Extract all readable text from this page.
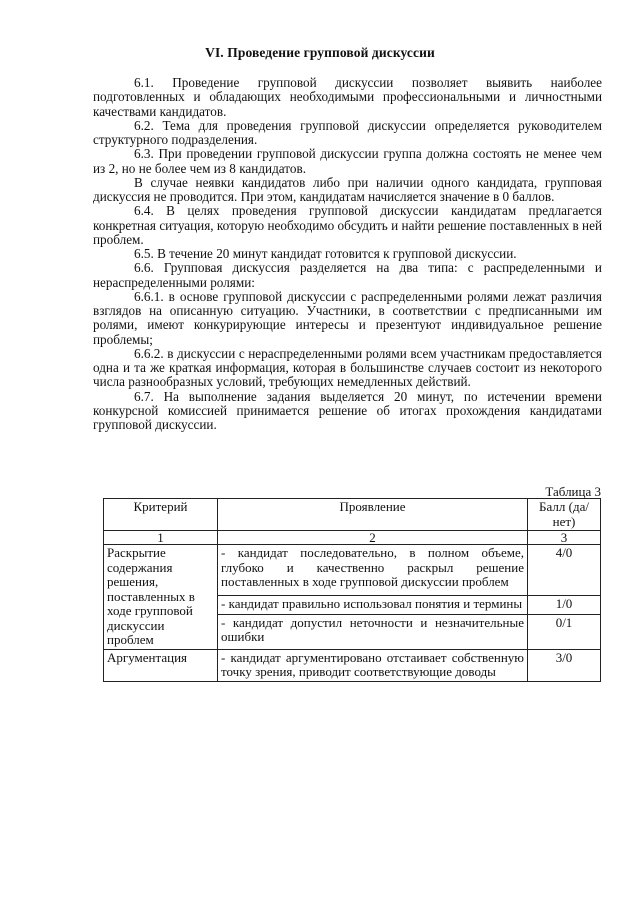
VI. Проведение групповой дискуссии

6.1. Проведение групповой дискуссии позволяет выявить наиболее подготовленных и обладающих необходимыми профессиональными и личностными качествами кандидатов.

6.2. Тема для проведения групповой дискуссии определяется руководителем структурного подразделения.

6.3. При проведении групповой дискуссии группа должна состоять не менее чем из 2, но не более чем из 8 кандидатов.

В случае неявки кандидатов либо при наличии одного кандидата, групповая дискуссия не проводится. При этом, кандидатам начисляется значение в 0 баллов.

6.4. В целях проведения групповой дискуссии кандидатам предлагается конкретная ситуация, которую необходимо обсудить и найти решение поставленных в ней проблем.

6.5. В течение 20 минут кандидат готовится к групповой дискуссии.

6.6. Групповая дискуссия разделяется на два типа: с распределенными и нераспределенными ролями:

6.6.1. в основе групповой дискуссии с распределенными ролями лежат различия взглядов на описанную ситуацию. Участники, в соответствии с предписанными им ролями, имеют конкурирующие интересы и презентуют индивидуальное решение проблемы;

6.6.2. в дискуссии с нераспределенными ролями всем участникам предоставляется одна и та же краткая информация, которая в большинстве случаев состоит из некоторого числа разнообразных условий, требующих немедленных действий.

6.7. На выполнение задания выделяется 20 минут, по истечении времени конкурсной комиссией принимается решение об итогах прохождения кандидатами групповой дискуссии.

Таблица 3
Критерий	Проявление	Балл (да/нет)
1	2	3
Раскрытие содержания решения, поставленных в ходе групповой дискуссии проблем	- кандидат последовательно, в полном объеме, глубоко и качественно раскрыл решение поставленных в ходе групповой дискуссии проблем	4/0
	- кандидат правильно использовал понятия и термины	1/0
	- кандидат допустил неточности и незначительные ошибки	0/1
Аргументация	- кандидат аргументировано отстаивает собственную точку зрения, приводит соответствующие доводы	3/0
